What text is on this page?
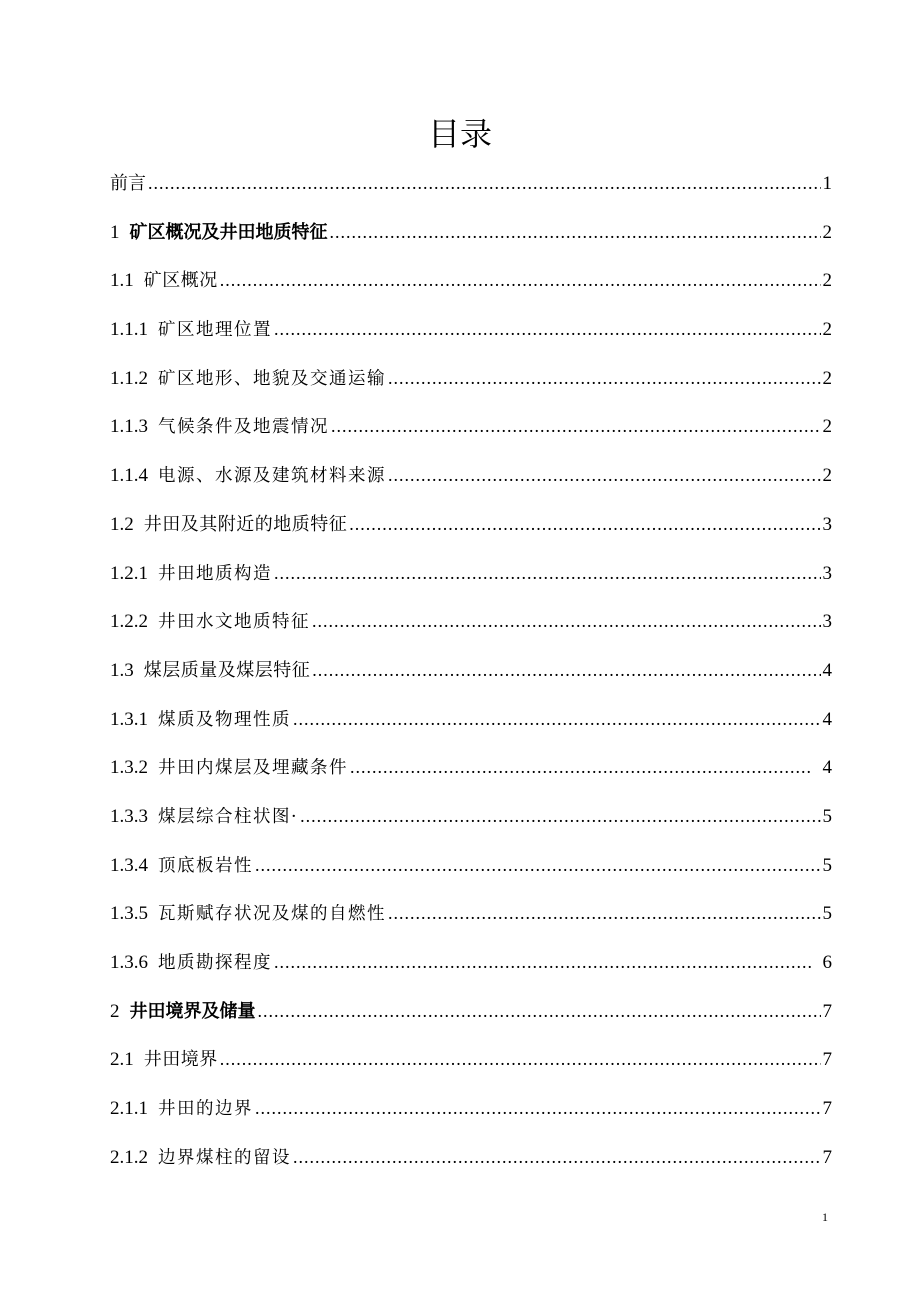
目录
前言 .....	1
1 矿区概况及井田地质特征 .....	2
1.1 矿区概况 .....	2
1.1.1 矿区地理位置 .....	2
1.1.2 矿区地形、地貌及交通运输 .....	2
1.1.3 气候条件及地震情况 .....	2
1.1.4 电源、水源及建筑材料来源 .....	2
1.2 井田及其附近的地质特征 .....	3
1.2.1 井田地质构造 .....	3
1.2.2 井田水文地质特征 .....	3
1.3 煤层质量及煤层特征 .....	4
1.3.1 煤质及物理性质 .....	4
1.3.2 井田内煤层及埋藏条件 .....	4
1.3.3 煤层综合柱状图· .....	5
1.3.4 顶底板岩性 .....	5
1.3.5 瓦斯赋存状况及煤的自燃性 .....	5
1.3.6 地质勘探程度 .....	6
2 井田境界及储量 .....	7
2.1 井田境界 .....	7
2.1.1 井田的边界 .....	7
2.1.2 边界煤柱的留设 .....	7
1
